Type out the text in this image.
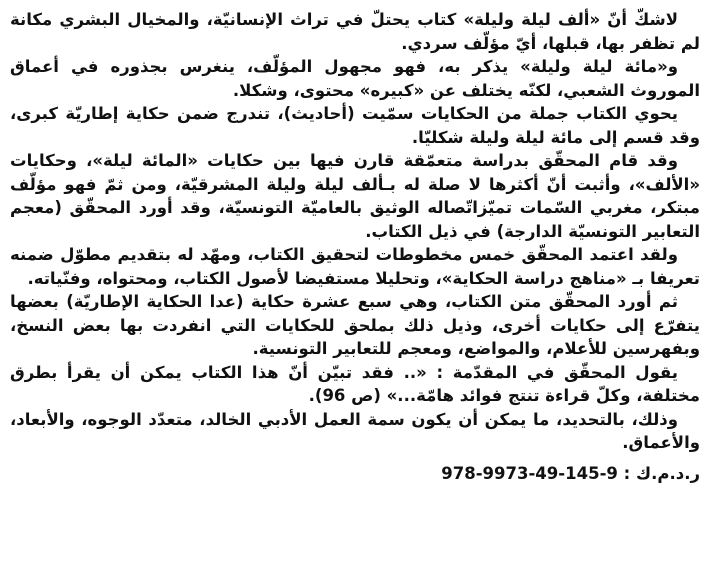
لاشكّ أنّ «ألف ليلة وليلة» كتاب يحتلّ في تراث الإنسانيّة، والمخيال البشري مكانة لم تظفر بها، قبلها، أيّ مؤلّف سردي.

و«مائة ليلة وليلة» يذكر به، فهو مجهول المؤلّف، ينغرس بجذوره في أعماق الموروث الشعبي، لكنّه يختلف عن «كبيره» محتوى، وشكلا.

يحوي الكتاب جملة من الحكايات سمّيت (أحاديث)، تندرج ضمن حكاية إطاريّة كبرى، وقد قسم إلى مائة ليلة وليلة شكليّا.

وقد قام المحقّق بدراسة متعمّقة قارن فيها بين حكايات «المائة ليلة»، وحكايات «الألف»، وأثبت أنّ أكثرها لا صلة له بـألف ليلة وليلة المشرقيّة، ومن ثمّ فهو مؤلّف مبتكر، مغربي السّمات تميّزاتّصاله الوثيق بالعاميّة التونسيّة، وقد أورد المحقّق (معجم التعابير التونسيّة الدارجة) في ذيل الكتاب.

ولقد اعتمد المحقّق خمس مخطوطات لتحقيق الكتاب، ومهّد له بتقديم مطوّل ضمنه تعريفا بـ «مناهج دراسة الحكاية»، وتحليلا مستفيضا لأصول الكتاب، ومحتواه، وفنّياته.

ثم أورد المحقّق متن الكتاب، وهي سبع عشرة حكاية (عدا الحكاية الإطاريّة) بعضها يتفرّع إلى حكايات أخرى، وذيل ذلك بملحق للحكايات التي انفردت بها بعض النسخ، وبفهرسين للأعلام، والمواضع، ومعجم للتعابير التونسية.

يقول المحقّق في المقدّمة : «.. فقد تبيّن أنّ هذا الكتاب يمكن أن يقرأ بطرق مختلفة، وكلّ قراءة تنتج فوائد هامّة...» (ص 96).

وذلك، بالتحديد، ما يمكن أن يكون سمة العمل الأدبي الخالد، متعدّد الوجوه، والأبعاد، والأعماق.

ر.د.م.ك : 978-9973-49-145-9
